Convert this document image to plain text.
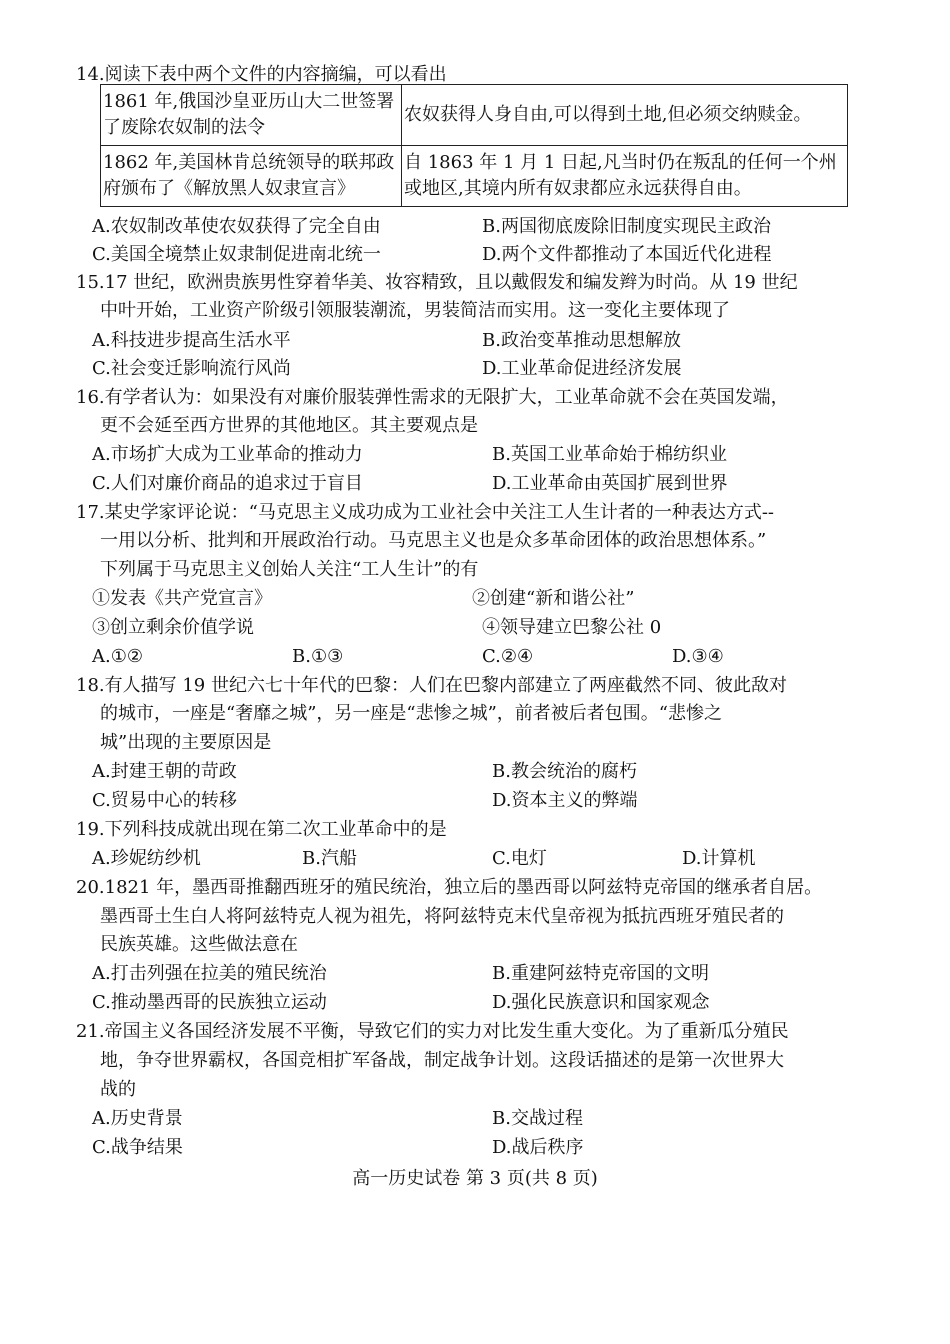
14.阅读下表中两个文件的内容摘编，可以看出
1861 年,俄国沙皇亚历山大二世签署了废除农奴制的法令	农奴获得人身自由,可以得到土地,但必须交纳赎金。
1862 年,美国林肯总统领导的联邦政府颁布了《解放黑人奴隶宣言》	自 1863 年 1 月 1 日起,凡当时仍在叛乱的任何一个州或地区,其境内所有奴隶都应永远获得自由。
A.农奴制改革使农奴获得了完全自由	B.两国彻底废除旧制度实现民主政治
C.美国全境禁止奴隶制促进南北统一	D.两个文件都推动了本国近代化进程
15.17 世纪，欧洲贵族男性穿着华美、妆容精致，且以戴假发和编发辫为时尚。从 19 世纪
中叶开始，工业资产阶级引领服装潮流，男装简洁而实用。这一变化主要体现了
A.科技进步提高生活水平	B.政治变革推动思想解放
C.社会变迁影响流行风尚	D.工业革命促进经济发展
16.有学者认为：如果没有对廉价服装弹性需求的无限扩大，工业革命就不会在英国发端，
更不会延至西方世界的其他地区。其主要观点是
A.市场扩大成为工业革命的推动力	B.英国工业革命始于棉纺织业
C.人们对廉价商品的追求过于盲目	D.工业革命由英国扩展到世界
17.某史学家评论说：“马克思主义成功成为工业社会中关注工人生计者的一种表达方式--
一用以分析、批判和开展政治行动。马克思主义也是众多革命团体的政治思想体系。”
下列属于马克思主义创始人关注“工人生计”的有
①发表《共产党宣言》	②创建“新和谐公社”
③创立剩余价值学说	④领导建立巴黎公社 0
A.①②	B.①③	C.②④	D.③④
18.有人描写 19 世纪六七十年代的巴黎：人们在巴黎内部建立了两座截然不同、彼此敌对
的城市，一座是“奢靡之城”，另一座是“悲惨之城”，前者被后者包围。“悲惨之
城”出现的主要原因是
A.封建王朝的苛政	B.教会统治的腐朽
C.贸易中心的转移	D.资本主义的弊端
19.下列科技成就出现在第二次工业革命中的是
A.珍妮纺纱机	B.汽船	C.电灯	D.计算机
20.1821 年，墨西哥推翻西班牙的殖民统治，独立后的墨西哥以阿兹特克帝国的继承者自居。
墨西哥土生白人将阿兹特克人视为祖先，将阿兹特克末代皇帝视为抵抗西班牙殖民者的
民族英雄。这些做法意在
A.打击列强在拉美的殖民统治	B.重建阿兹特克帝国的文明
C.推动墨西哥的民族独立运动	D.强化民族意识和国家观念
21.帝国主义各国经济发展不平衡，导致它们的实力对比发生重大变化。为了重新瓜分殖民
地，争夺世界霸权，各国竞相扩军备战，制定战争计划。这段话描述的是第一次世界大
战的
A.历史背景	B.交战过程
C.战争结果	D.战后秩序
高一历史试卷 第 3 页(共 8 页)
